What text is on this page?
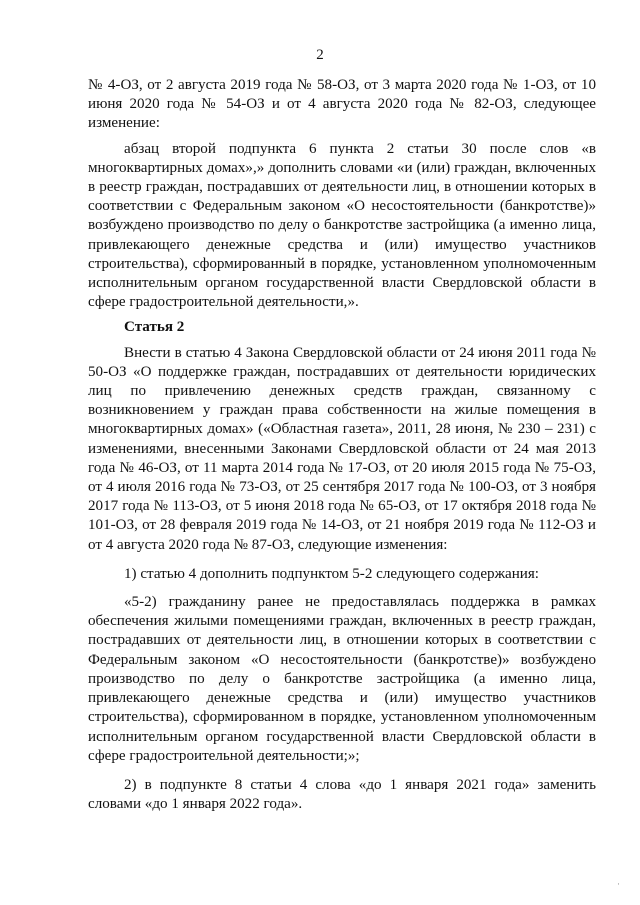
2

№ 4-ОЗ, от 2 августа 2019 года № 58-ОЗ, от 3 марта 2020 года № 1-ОЗ, от 10 июня 2020 года № 54-ОЗ и от 4 августа 2020 года № 82-ОЗ, следующее изменение:

абзац второй подпункта 6 пункта 2 статьи 30 после слов «в многоквартирных домах»,» дополнить словами «и (или) граждан, включенных в реестр граждан, пострадавших от деятельности лиц, в отношении которых в соответствии с Федеральным законом «О несостоятельности (банкротстве)» возбуждено производство по делу о банкротстве застройщика (а именно лица, привлекающего денежные средства и (или) имущество участников строительства), сформированный в порядке, установленном уполномоченным исполнительным органом государственной власти Свердловской области в сфере градостроительной деятельности,».

Статья 2

Внести в статью 4 Закона Свердловской области от 24 июня 2011 года № 50-ОЗ «О поддержке граждан, пострадавших от деятельности юридических лиц по привлечению денежных средств граждан, связанному с возникновением у граждан права собственности на жилые помещения в многоквартирных домах» («Областная газета», 2011, 28 июня, № 230 – 231) с изменениями, внесенными Законами Свердловской области от 24 мая 2013 года № 46-ОЗ, от 11 марта 2014 года № 17-ОЗ, от 20 июля 2015 года № 75-ОЗ, от 4 июля 2016 года № 73-ОЗ, от 25 сентября 2017 года № 100-ОЗ, от 3 ноября 2017 года № 113-ОЗ, от 5 июня 2018 года № 65-ОЗ, от 17 октября 2018 года № 101-ОЗ, от 28 февраля 2019 года № 14-ОЗ, от 21 ноября 2019 года № 112-ОЗ и от 4 августа 2020 года № 87-ОЗ, следующие изменения:

1) статью 4 дополнить подпунктом 5-2 следующего содержания:

«5-2) гражданину ранее не предоставлялась поддержка в рамках обеспечения жилыми помещениями граждан, включенных в реестр граждан, пострадавших от деятельности лиц, в отношении которых в соответствии с Федеральным законом «О несостоятельности (банкротстве)» возбуждено производство по делу о банкротстве застройщика (а именно лица, привлекающего денежные средства и (или) имущество участников строительства), сформированном в порядке, установленном уполномоченным исполнительным органом государственной власти Свердловской области в сфере градостроительной деятельности;»;

2) в подпункте 8 статьи 4 слова «до 1 января 2021 года» заменить словами «до 1 января 2022 года».

·
